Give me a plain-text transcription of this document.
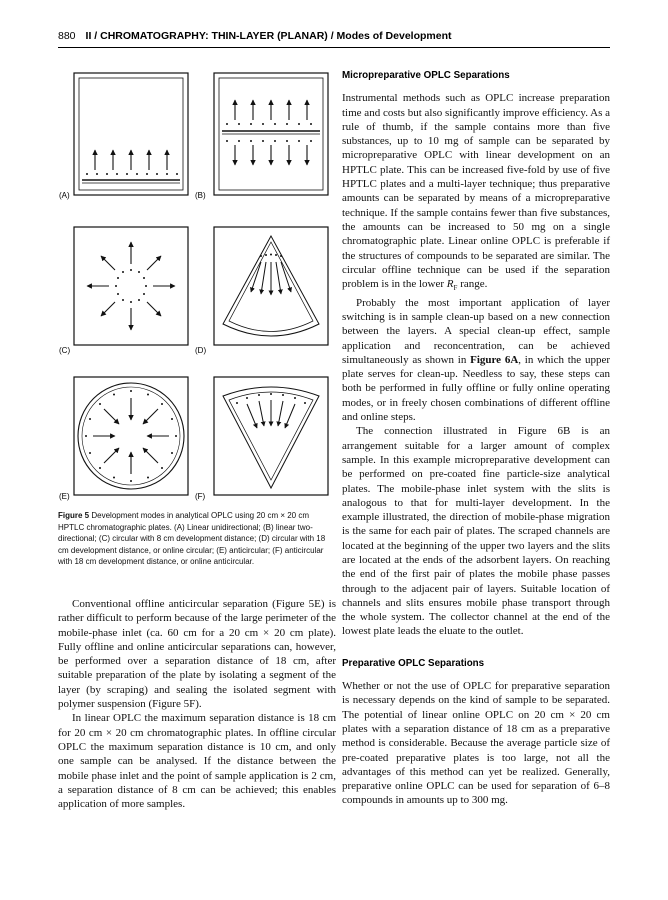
880 II / CHROMATOGRAPHY: THIN-LAYER (PLANAR) / Modes of Development
(A)	(B)
(C)	(D)
(E)	(F)
Figure 5 Development modes in analytical OPLC using 20 cm × 20 cm HPTLC chromatographic plates. (A) Linear unidirectional; (B) linear two-directional; (C) circular with 8 cm development distance; (D) circular with 18 cm development distance, or online circular; (E) anticircular; (F) anticircular with 18 cm development distance, or online anticircular.

Conventional offline anticircular separation (Figure 5E) is rather difficult to perform because of the large perimeter of the mobile-phase inlet (ca. 60 cm for a 20 cm × 20 cm plate). Fully offline and online anticircular separations can, however, be performed over a separation distance of 18 cm, after suitable preparation of the plate by isolating a segment of the layer (by scraping) and sealing the isolated segment with polymer suspension (Figure 5F).

In linear OPLC the maximum separation distance is 18 cm for 20 cm × 20 cm chromatographic plates. In offline circular OPLC the maximum separation distance is 10 cm, and only one sample can be analysed. If the distance between the mobile phase inlet and the point of sample application is 2 cm, a separation distance of 8 cm can be achieved; this enables application of more samples.

Micropreparative OPLC Separations

Instrumental methods such as OPLC increase preparation time and costs but also significantly improve efficiency. As a rule of thumb, if the sample contains more than five substances, up to 10 mg of sample can be separated by micropreparative OPLC with linear development on an HPTLC plate. This can be increased five-fold by use of five HPTLC plates and a multi-layer technique; thus preparative amounts can be separated by means of a micropreparative technique. If the sample contains fewer than five substances, the amounts can be increased to 50 mg on a single chromatographic plate. Linear online OPLC is preferable if the structures of compounds to be separated are similar. The circular offline technique can be used if the separation problem is in the lower $R_F$ range.

Probably the most important application of layer switching is in sample clean-up based on a new connection between the layers. A special clean-up effect, sample application and reconcentration, can be achieved simultaneously as shown in Figure 6A, in which the upper plate serves for clean-up. Needless to say, these steps can both be performed in fully offline or fully online operating modes, or in freely chosen combinations of different offline and online steps.

The connection illustrated in Figure 6B is an arrangement suitable for a larger amount of complex sample. In this example micropreparative development can be performed on pre-coated fine particle-size analytical plates. The mobile-phase inlet system with the slits is analogous to that for multi-layer development. In the example illustrated, the direction of mobile-phase migration is the same for each pair of plates. The scraped channels are located at the beginning of the upper two layers and the slits are located at the ends of the adsorbent layers. On reaching the end of the first pair of plates the mobile phase passes through to the adjacent pair of layers. Suitable location of channels and slits ensures mobile phase transport through the whole system. The collector channel at the end of the lowest plate leads the eluate to the outlet.

Preparative OPLC Separations

Whether or not the use of OPLC for preparative separation is necessary depends on the kind of sample to be separated. The potential of linear online OPLC on 20 cm × 20 cm plates with a separation distance of 18 cm as a preparative method is considerable. Because the average particle size of pre-coated preparative plates is too large, not all the advantages of this method can yet be realized. Generally, preparative online OPLC can be used for separation of 6–8 compounds in amounts up to 300 mg.
